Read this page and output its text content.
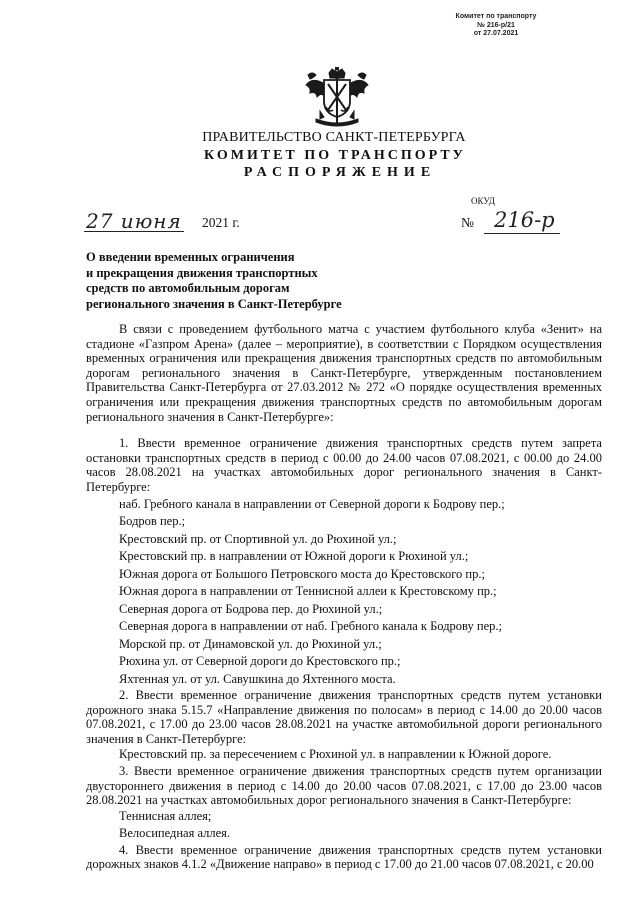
Комитет по транспорту
№ 216-р/21
от 27.07.2021
ПРАВИТЕЛЬСТВО САНКТ-ПЕТЕРБУРГА
КОМИТЕТ ПО ТРАНСПОРТУ
РАСПОРЯЖЕНИЕ
ОКУД
27 июня 2021 г.	№ 216-р
О введении временных ограничения
и прекращения движения транспортных
средств по автомобильным дорогам
регионального значения в Санкт-Петербурге

В связи с проведением футбольного матча с участием футбольного клуба «Зенит» на стадионе «Газпром Арена» (далее – мероприятие), в соответствии с Порядком осуществления временных ограничения или прекращения движения транспортных средств по автомобильным дорогам регионального значения в Санкт-Петербурге, утвержденным постановлением Правительства Санкт-Петербурга от 27.03.2012 № 272 «О порядке осуществления временных ограничения или прекращения движения транспортных средств по автомобильным дорогам регионального значения в Санкт-Петербурге»:

1. Ввести временное ограничение движения транспортных средств путем запрета остановки транспортных средств в период с 00.00 до 24.00 часов 07.08.2021, с 00.00 до 24.00 часов 28.08.2021 на участках автомобильных дорог регионального значения в Санкт-Петербурге:

наб. Гребного канала в направлении от Северной дороги к Бодрову пер.;
Бодров пер.;
Крестовский пр. от Спортивной ул. до Рюхиной ул.;
Крестовский пр. в направлении от Южной дороги к Рюхиной ул.;
Южная дорога от Большого Петровского моста до Крестовского пр.;
Южная дорога в направлении от Теннисной аллеи к Крестовскому пр.;
Северная дорога от Бодрова пер. до Рюхиной ул.;
Северная дорога в направлении от наб. Гребного канала к Бодрову пер.;
Морской пр. от Динамовской ул. до Рюхиной ул.;
Рюхина ул. от Северной дороги до Крестовского пр.;
Яхтенная ул. от ул. Савушкина до Яхтенного моста.

2. Ввести временное ограничение движения транспортных средств путем установки дорожного знака 5.15.7 «Направление движения по полосам» в период с 14.00 до 20.00 часов 07.08.2021, с 17.00 до 23.00 часов 28.08.2021 на участке автомобильной дороги регионального значения в Санкт-Петербурге:

Крестовский пр. за пересечением с Рюхиной ул. в направлении к Южной дороге.

3. Ввести временное ограничение движения транспортных средств путем организации двустороннего движения в период с 14.00 до 20.00 часов 07.08.2021, с 17.00 до 23.00 часов 28.08.2021 на участках автомобильных дорог регионального значения в Санкт-Петербурге:

Теннисная аллея;
Велосипедная аллея.

4. Ввести временное ограничение движения транспортных средств путем установки дорожных знаков 4.1.2 «Движение направо» в период с 17.00 до 21.00 часов 07.08.2021, с 20.00
